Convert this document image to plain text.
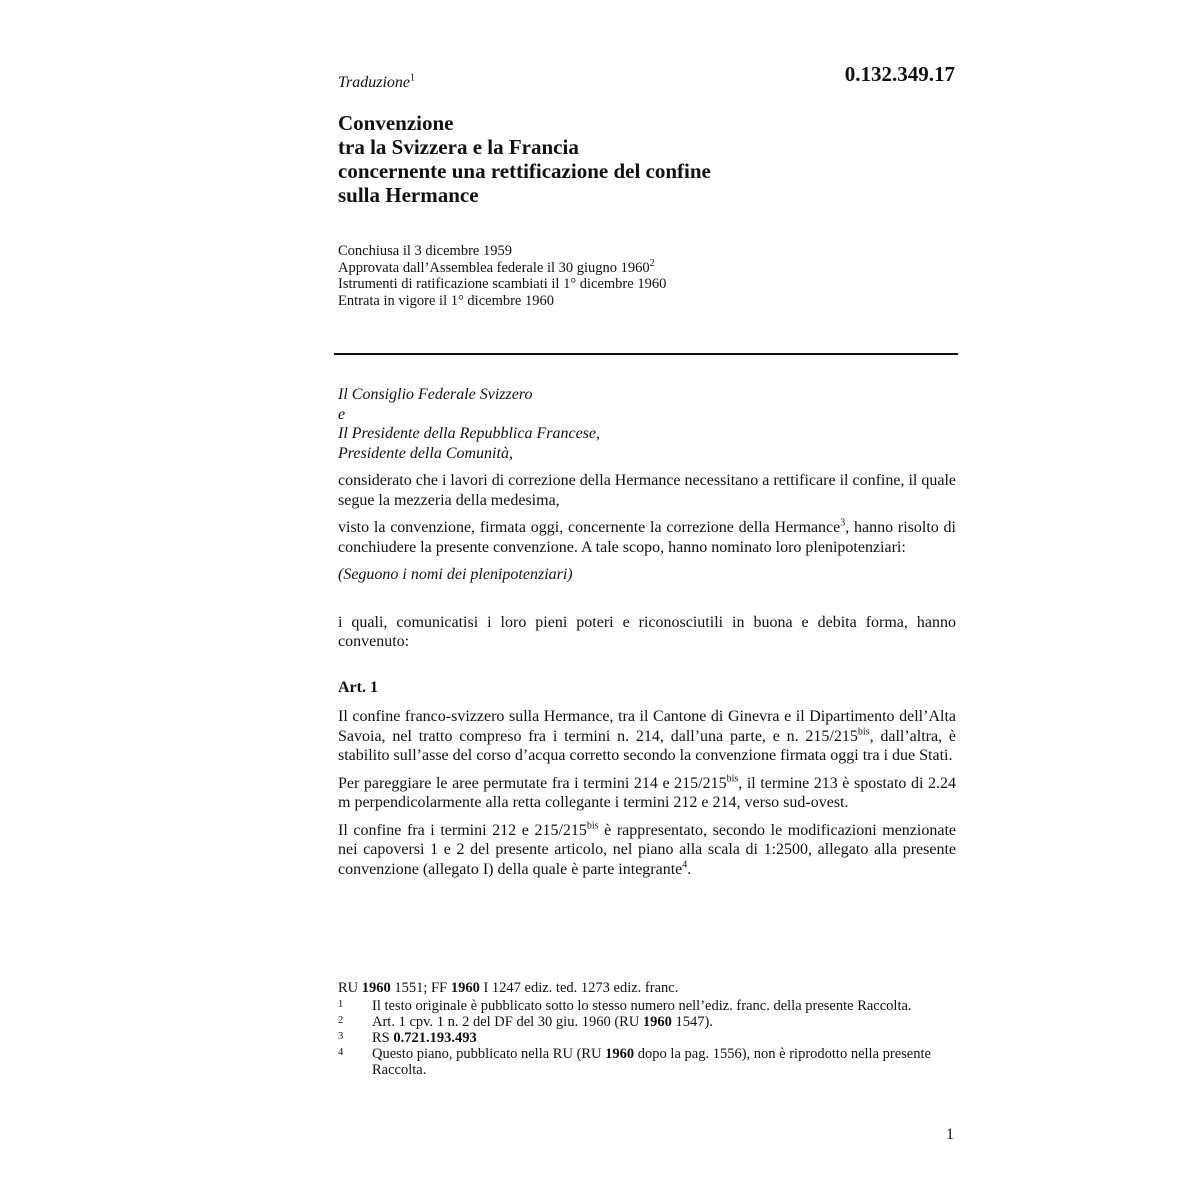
0.132.349.17
Traduzione$^1$
Convenzione
tra la Svizzera e la Francia
concernente una rettificazione del confine
sulla Hermance
Conchiusa il 3 dicembre 1959
Approvata dall’Assemblea federale il 30 giugno 1960$^2$
Istrumenti di ratificazione scambiati il 1° dicembre 1960
Entrata in vigore il 1° dicembre 1960
Il Consiglio Federale Svizzero
e
Il Presidente della Repubblica Francese,
Presidente della Comunità,
considerato che i lavori di correzione della Hermance necessitano a rettificare il confine, il quale segue la mezzeria della medesima,
visto la convenzione, firmata oggi, concernente la correzione della Hermance$^3$, hanno risolto di conchiudere la presente convenzione. A tale scopo, hanno nominato loro plenipotenziari:
(Seguono i nomi dei plenipotenziari)
i quali, comunicatisi i loro pieni poteri e riconosciutili in buona e debita forma, hanno convenuto:
Art. 1
Il confine franco-svizzero sulla Hermance, tra il Cantone di Ginevra e il Dipartimento dell’Alta Savoia, nel tratto compreso fra i termini n. 214, dall’una parte, e n. $215/215^{bis}$, dall’altra, è stabilito sull’asse del corso d’acqua corretto secondo la convenzione firmata oggi tra i due Stati.
Per pareggiare le aree permutate fra i termini 214 e $215/215^{bis}$, il termine 213 è spostato di 2.24 m perpendicolarmente alla retta collegante i termini 212 e 214, verso sud-ovest.
Il confine fra i termini 212 e $215/215^{bis}$ è rappresentato, secondo le modificazioni menzionate nei capoversi 1 e 2 del presente articolo, nel piano alla scala di 1:2500, allegato alla presente convenzione (allegato I) della quale è parte integrante$^4$.
RU 1960 1551; FF 1960 I 1247 ediz. ted. 1273 ediz. franc.
1	Il testo originale è pubblicato sotto lo stesso numero nell’ediz. franc. della presente Raccolta.
2	Art. 1 cpv. 1 n. 2 del DF del 30 giu. 1960 (RU 1960 1547).
3	RS 0.721.193.493
4	Questo piano, pubblicato nella RU (RU 1960 dopo la pag. 1556), non è riprodotto nella presente Raccolta.
1
